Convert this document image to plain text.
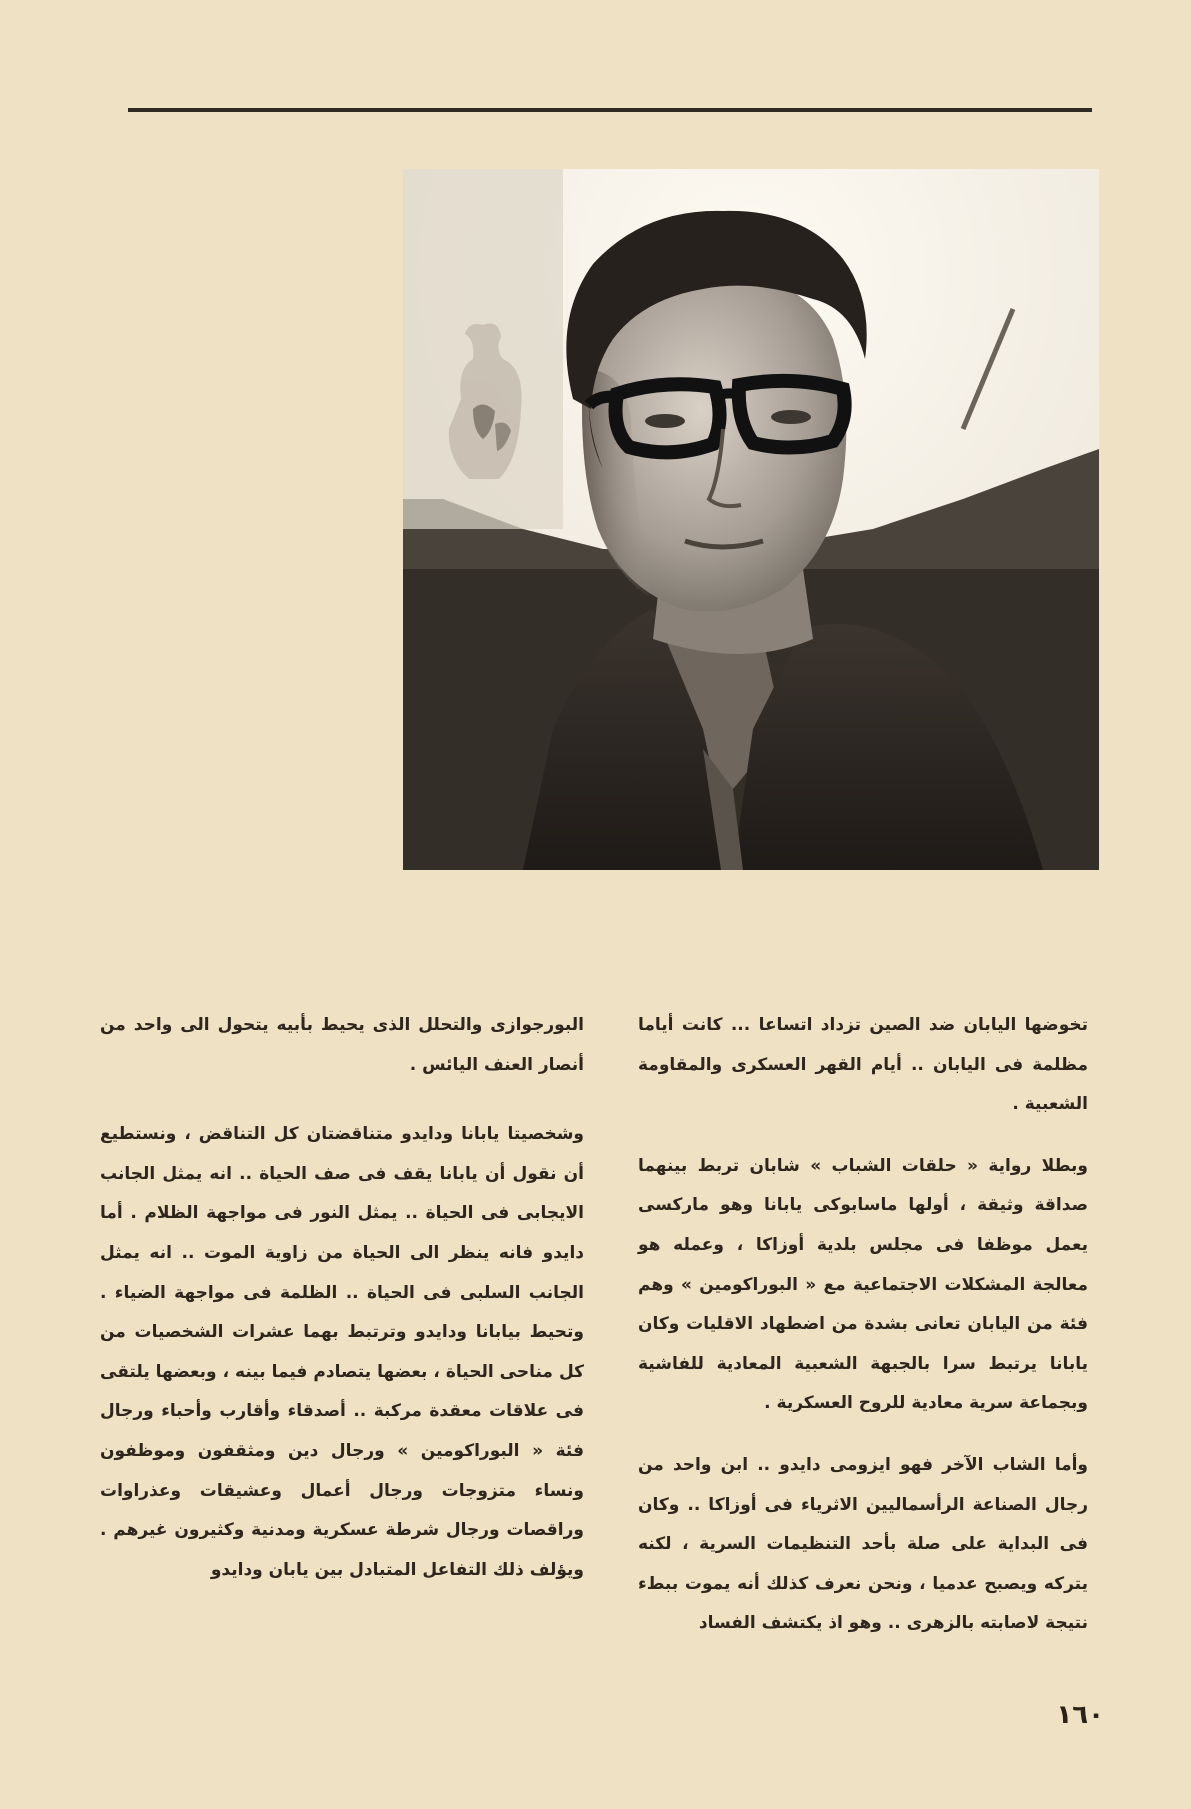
تخوضها اليابان ضد الصين تزداد اتساعا ... كانت أياما مظلمة فى اليابان .. أيام القهر العسكرى والمقاومة الشعبية .

وبطلا رواية « حلقات الشباب » شابان تربط بينهما صداقة وثيقة ، أولها ماسابوكى يابانا وهو ماركسى يعمل موظفا فى مجلس بلدية أوزاكا ، وعمله هو معالجة المشكلات الاجتماعية مع « البوراكومين » وهم فئة من اليابان تعانى بشدة من اضطهاد الاقليات وكان يابانا يرتبط سرا بالجبهة الشعبية المعادية للفاشية وبجماعة سرية معادية للروح العسكرية .

وأما الشاب الآخر فهو ايزومى دايدو .. ابن واحد من رجال الصناعة الرأسماليين الاثرياء فى أوزاكا .. وكان فى البداية على صلة بأحد التنظيمات السرية ، لكنه يتركه ويصبح عدميا ، ونحن نعرف كذلك أنه يموت ببطء نتيجة لاصابته بالزهرى .. وهو اذ يكتشف الفساد

البورجوازى والتحلل الذى يحيط بأبيه يتحول الى واحد من أنصار العنف اليائس .

وشخصيتا يابانا ودايدو متناقضتان كل التناقض ، ونستطيع أن نقول أن يابانا يقف فى صف الحياة .. انه يمثل الجانب الايجابى فى الحياة .. يمثل النور فى مواجهة الظلام . أما دايدو فانه ينظر الى الحياة من زاوية الموت .. انه يمثل الجانب السلبى فى الحياة .. الظلمة فى مواجهة الضياء . وتحيط بيابانا ودايدو وترتبط بهما عشرات الشخصيات من كل مناحى الحياة ، بعضها يتصادم فيما بينه ، وبعضها يلتقى فى علاقات معقدة مركبة .. أصدقاء وأقارب وأحباء ورجال فئة « البوراكومين » ورجال دين ومثقفون وموظفون ونساء متزوجات ورجال أعمال وعشيقات وعذراوات وراقصات ورجال شرطة عسكرية ومدنية وكثيرون غيرهم . ويؤلف ذلك التفاعل المتبادل بين يابان ودايدو

١٦٠
